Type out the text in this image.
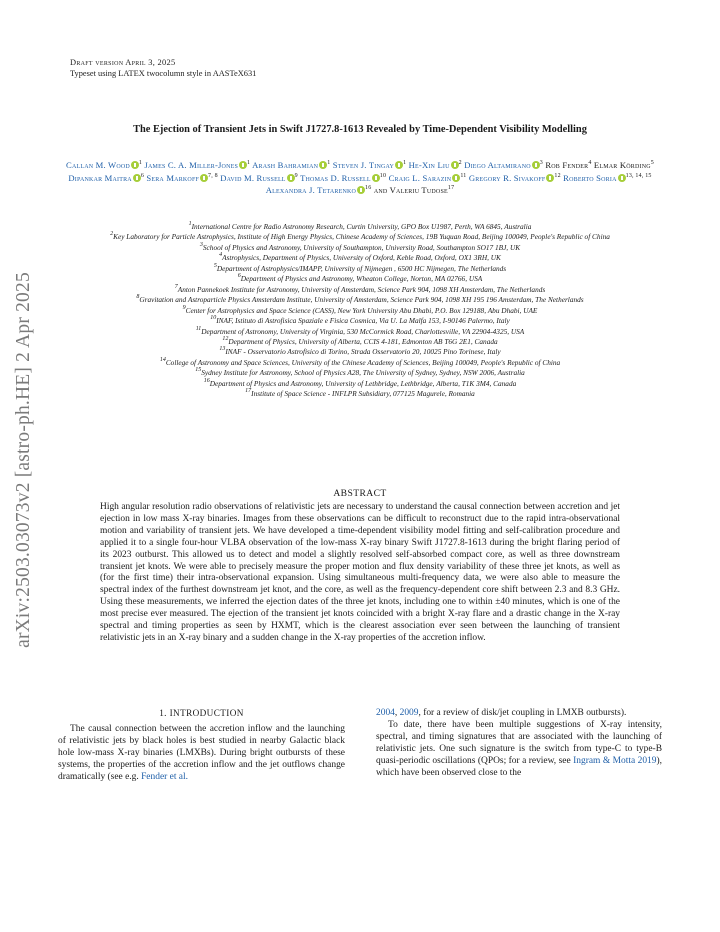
arXiv:2503.03073v2 [astro-ph.HE] 2 Apr 2025
Draft version April 3, 2025
Typeset using LATEX twocolumn style in AASTeX631
The Ejection of Transient Jets in Swift J1727.8-1613 Revealed by Time-Dependent Visibility Modelling
Callan M. Wood $^1$ James C. A. Miller-Jones $^1$ Arash Bahramian $^1$ Steven J. Tingay $^1$ He-Xin Liu $^2$ Diego Altamirano $^3$ Rob Fender$^4$ Elmar Körding$^5$ Dipankar Maitra $^6$ Sera Markoff $^{7, 8}$ David M. Russell $^9$ Thomas D. Russell $^{10}$ Craig L. Sarazin $^{11}$ Gregory R. Sivakoff $^{12}$ Roberto Soria $^{13, 14, 15}$ Alexandra J. Tetarenko $^{16}$ and Valeriu Tudose$^{17}$
$^1$International Centre for Radio Astronomy Research, Curtin University, GPO Box U1987, Perth, WA 6845, Australia
$^2$Key Laboratory for Particle Astrophysics, Institute of High Energy Physics, Chinese Academy of Sciences, 19B Yuquan Road, Beijing 100049, People's Republic of China
$^3$School of Physics and Astronomy, University of Southampton, University Road, Southampton SO17 1BJ, UK
$^4$Astrophysics, Department of Physics, University of Oxford, Keble Road, Oxford, OX1 3RH, UK
$^5$Department of Astrophysics/IMAPP, University of Nijmegen , 6500 HC Nijmegen, The Netherlands
$^6$Department of Physics and Astronomy, Wheaton College, Norton, MA 02766, USA
$^7$Anton Pannekoek Institute for Astronomy, University of Amsterdam, Science Park 904, 1098 XH Amsterdam, The Netherlands
$^8$Gravitation and Astroparticle Physics Amsterdam Institute, University of Amsterdam, Science Park 904, 1098 XH 195 196 Amsterdam, The Netherlands
$^9$Center for Astrophysics and Space Science (CASS), New York University Abu Dhabi, P.O. Box 129188, Abu Dhabi, UAE
$^{10}$INAF, Istituto di Astrofisica Spaziale e Fisica Cosmica, Via U. La Malfa 153, I-90146 Palermo, Italy
$^{11}$Department of Astronomy, University of Virginia, 530 McCormick Road, Charlottesville, VA 22904-4325, USA
$^{12}$Department of Physics, University of Alberta, CCIS 4-181, Edmonton AB T6G 2E1, Canada
$^{13}$INAF - Osservatorio Astrofisico di Torino, Strada Osservatorio 20, 10025 Pino Torinese, Italy
$^{14}$College of Astronomy and Space Sciences, University of the Chinese Academy of Sciences, Beijing 100049, People's Republic of China
$^{15}$Sydney Institute for Astronomy, School of Physics A28, The University of Sydney, Sydney, NSW 2006, Australia
$^{16}$Department of Physics and Astronomy, University of Lethbridge, Lethbridge, Alberta, T1K 3M4, Canada
$^{17}$Institute of Space Science - INFLPR Subsidiary, 077125 Magurele, Romania
ABSTRACT
High angular resolution radio observations of relativistic jets are necessary to understand the causal connection between accretion and jet ejection in low mass X-ray binaries. Images from these observations can be difficult to reconstruct due to the rapid intra-observational motion and variability of transient jets. We have developed a time-dependent visibility model fitting and self-calibration procedure and applied it to a single four-hour VLBA observation of the low-mass X-ray binary Swift J1727.8-1613 during the bright flaring period of its 2023 outburst. This allowed us to detect and model a slightly resolved self-absorbed compact core, as well as three downstream transient jet knots. We were able to precisely measure the proper motion and flux density variability of these three jet knots, as well as (for the first time) their intra-observational expansion. Using simultaneous multi-frequency data, we were also able to measure the spectral index of the furthest downstream jet knot, and the core, as well as the frequency-dependent core shift between 2.3 and 8.3 GHz. Using these measurements, we inferred the ejection dates of the three jet knots, including one to within ±40 minutes, which is one of the most precise ever measured. The ejection of the transient jet knots coincided with a bright X-ray flare and a drastic change in the X-ray spectral and timing properties as seen by HXMT, which is the clearest association ever seen between the launching of transient relativistic jets in an X-ray binary and a sudden change in the X-ray properties of the accretion inflow.
1. INTRODUCTION
The causal connection between the accretion inflow and the launching of relativistic jets by black holes is best studied in nearby Galactic black hole low-mass X-ray binaries (LMXBs). During bright outbursts of these systems, the properties of the accretion inflow and the jet outflows change dramatically (see e.g. Fender et al.

2004, 2009, for a review of disk/jet coupling in LMXB outbursts).

To date, there have been multiple suggestions of X-ray intensity, spectral, and timing signatures that are associated with the launching of relativistic jets. One such signature is the switch from type-C to type-B quasi-periodic oscillations (QPOs; for a review, see Ingram & Motta 2019), which have been observed close to the
